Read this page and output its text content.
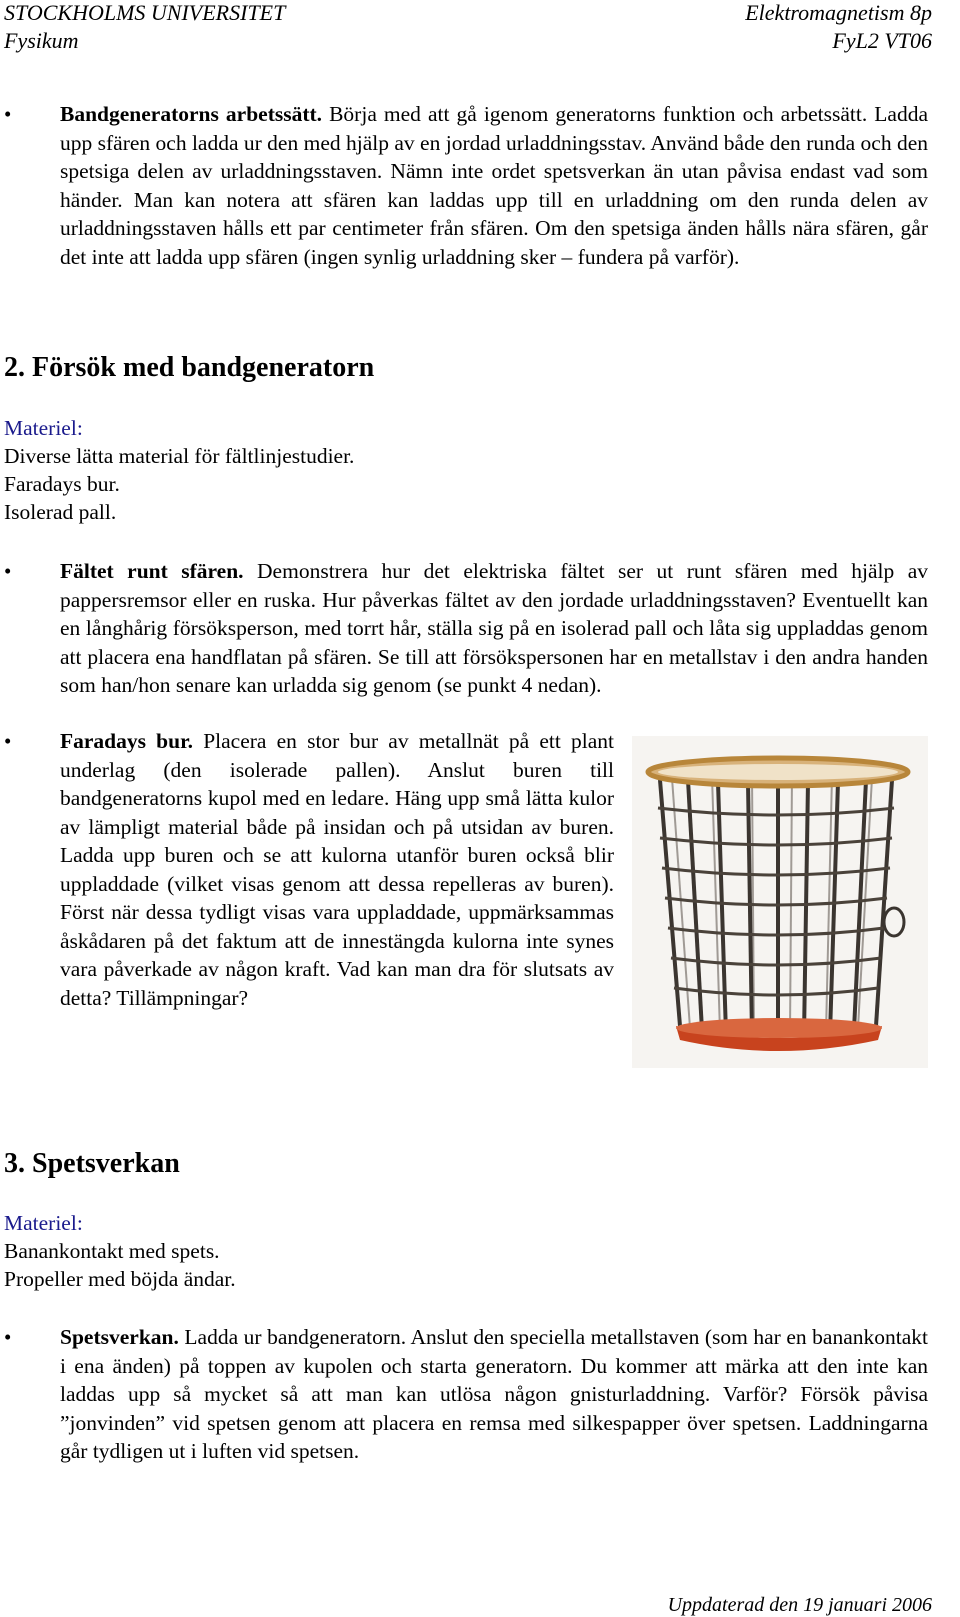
STOCKHOLMS UNIVERSITET
Fysikum
Elektromagnetism 8p
FyL2 VT06
• Bandgeneratorns arbetssätt. Börja med att gå igenom generatorns funktion och arbetssätt. Ladda upp sfären och ladda ur den med hjälp av en jordad urladdningsstav. Använd både den runda och den spetsiga delen av urladdningsstaven. Nämn inte ordet spetsverkan än utan påvisa endast vad som händer. Man kan notera att sfären kan laddas upp till en urladdning om den runda delen av urladdningsstaven hålls ett par centimeter från sfären. Om den spetsiga änden hålls nära sfären, går det inte att ladda upp sfären (ingen synlig urladdning sker – fundera på varför).
2. Försök med bandgeneratorn
Materiel:
Diverse lätta material för fältlinjestudier.
Faradays bur.
Isolerad pall.
• Fältet runt sfären. Demonstrera hur det elektriska fältet ser ut runt sfären med hjälp av pappersremsor eller en ruska. Hur påverkas fältet av den jordade urladdningsstaven? Eventuellt kan en långhårig försöksperson, med torrt hår, ställa sig på en isolerad pall och låta sig uppladdas genom att placera ena handflatan på sfären. Se till att försökspersonen har en metallstav i den andra handen som han/hon senare kan urladda sig genom (se punkt 4 nedan).
• Faradays bur. Placera en stor bur av metallnät på ett plant underlag (den isolerade pallen). Anslut buren till bandgeneratorns kupol med en ledare. Häng upp små lätta kulor av lämpligt material både på insidan och på utsidan av buren. Ladda upp buren och se att kulorna utanför buren också blir uppladdade (vilket visas genom att dessa repelleras av buren). Först när dessa tydligt visas vara uppladdade, uppmärksammas åskådaren på det faktum att de innestängda kulorna inte synes vara påverkade av någon kraft. Vad kan man dra för slutsats av detta? Tillämpningar?
3. Spetsverkan
Materiel:
Banankontakt med spets.
Propeller med böjda ändar.
• Spetsverkan. Ladda ur bandgeneratorn. Anslut den speciella metallstaven (som har en banankontakt i ena änden) på toppen av kupolen och starta generatorn. Du kommer att märka att den inte kan laddas upp så mycket så att man kan utlösa någon gnisturladdning. Varför? Försök påvisa ”jonvinden” vid spetsen genom att placera en remsa med silkespapper över spetsen. Laddningarna går tydligen ut i luften vid spetsen.
Uppdaterad den 19 januari 2006
